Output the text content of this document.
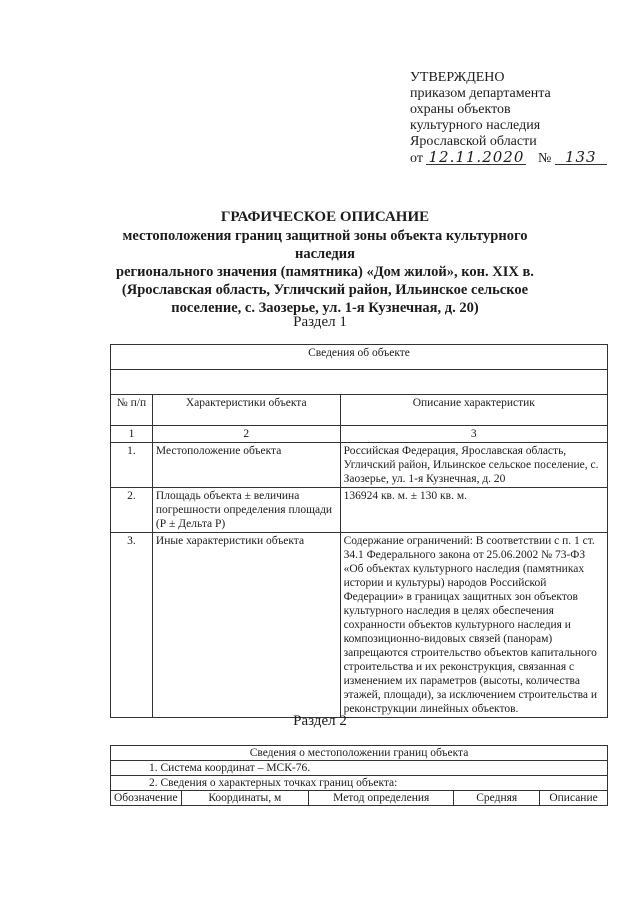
УТВЕРЖДЕНО
приказом департамента
охраны объектов
культурного наследия
Ярославской области
от 12.11.2020 № 133
ГРАФИЧЕСКОЕ ОПИСАНИЕ
местоположения границ защитной зоны объекта культурного наследия
регионального значения (памятника) «Дом жилой», кон. XIX в.
(Ярославская область, Угличский район, Ильинское сельское
поселение, с. Заозерье, ул. 1-я Кузнечная, д. 20)
Раздел 1
Сведения об объекте		

№ п/п	Характеристики объекта	Описание характеристик
1	2	3
1.	Местоположение объекта	Российская Федерация, Ярославская область, Угличский район, Ильинское сельское поселение, с. Заозерье, ул. 1-я Кузнечная, д. 20
2.	Площадь объекта ± величина погрешности определения площади (Р ± Дельта Р)	136924 кв. м. ± 130 кв. м.
3.	Иные характеристики объекта	Содержание ограничений: В соответствии с п. 1 ст. 34.1 Федерального закона от 25.06.2002 № 73-ФЗ «Об объектах культурного наследия (памятниках истории и культуры) народов Российской Федерации» в границах защитных зон объектов культурного наследия в целях обеспечения сохранности объектов культурного наследия и композиционно-видовых связей (панорам) запрещаются строительство объектов капитального строительства и их реконструкция, связанная с изменением их параметров (высоты, количества этажей, площади), за исключением строительства и реконструкции линейных объектов.
Раздел 2
Сведения о местоположении границ объекта
1. Система координат – МСК-76.
2. Сведения о характерных точках границ объекта:
Обозначение	Координаты, м	Метод определения	Средняя	Описание
